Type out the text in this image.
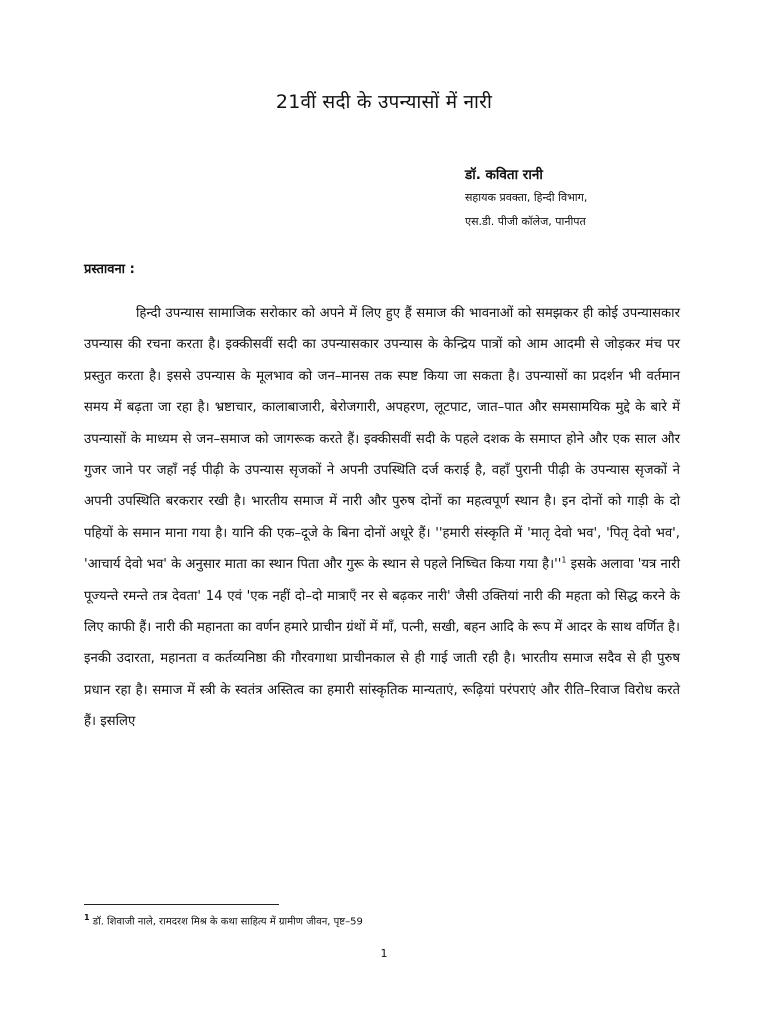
21वीं सदी के उपन्यासों में नारी
डॉ. कविता रानी
सहायक प्रवक्ता, हिन्दी विभाग,
एस.डी. पीजी कॉलेज, पानीपत
प्रस्तावना :

हिन्दी उपन्यास सामाजिक सरोकार को अपने में लिए हुए हैं समाज की भावनाओं को समझकर ही कोई उपन्यासकार उपन्यास की रचना करता है। इक्कीसवीं सदी का उपन्यासकार उपन्यास के केन्द्रिय पात्रों को आम आदमी से जोड़कर मंच पर प्रस्तुत करता है। इससे उपन्यास के मूलभाव को जन–मानस तक स्पष्ट किया जा सकता है। उपन्यासों का प्रदर्शन भी वर्तमान समय में बढ़ता जा रहा है। भ्रष्टाचार, कालाबाजारी, बेरोजगारी, अपहरण, लूटपाट, जात–पात और समसामयिक मुद्दे के बारे में उपन्यासों के माध्यम से जन–समाज को जागरूक करते हैं। इक्कीसवीं सदी के पहले दशक के समाप्त होने और एक साल और गुजर जाने पर जहाँ नई पीढ़ी के उपन्यास सृजकों ने अपनी उपस्थिति दर्ज कराई है, वहाँ पुरानी पीढ़ी के उपन्यास सृजकों ने अपनी उपस्थिति बरकरार रखी है। भारतीय समाज में नारी और पुरुष दोनों का महत्वपूर्ण स्थान है। इन दोनों को गाड़ी के दो पहियों के समान माना गया है। यानि की एक–दूजे के बिना दोनों अधूरे हैं। ''हमारी संस्कृति में 'मातृ देवो भव', 'पितृ देवो भव', 'आचार्य देवो भव' के अनुसार माता का स्थान पिता और गुरू के स्थान से पहले निष्चित किया गया $है।''^1$ इसके अलावा 'यत्र नारी पूज्यन्ते रमन्ते तत्र देवता' 14 एवं 'एक नहीं दो–दो मात्राएँ नर से बढ़कर नारी' जैसी उक्तियां नारी की महता को सिद्ध करने के लिए काफी हैं। नारी की महानता का वर्णन हमारे प्राचीन ग्रंथों में माँ, पत्नी, सखी, बहन आदि के रूप में आदर के साथ वर्णित है। इनकी उदारता, महानता व कर्तव्यनिष्ठा की गौरवगाथा प्राचीनकाल से ही गाई जाती रही है। भारतीय समाज सदैव से ही पुरुष प्रधान रहा है। समाज में स्त्री के स्वतंत्र अस्तित्व का हमारी सांस्कृतिक मान्यताएं, रूढ़ियां परंपराएं और रीति–रिवाज विरोध करते हैं। इसलिए

$^1$ डॉ. शिवाजी नाले, रामदरश मिश्र के कथा साहित्य में ग्रामीण जीवन, पृष्ट–59
1
